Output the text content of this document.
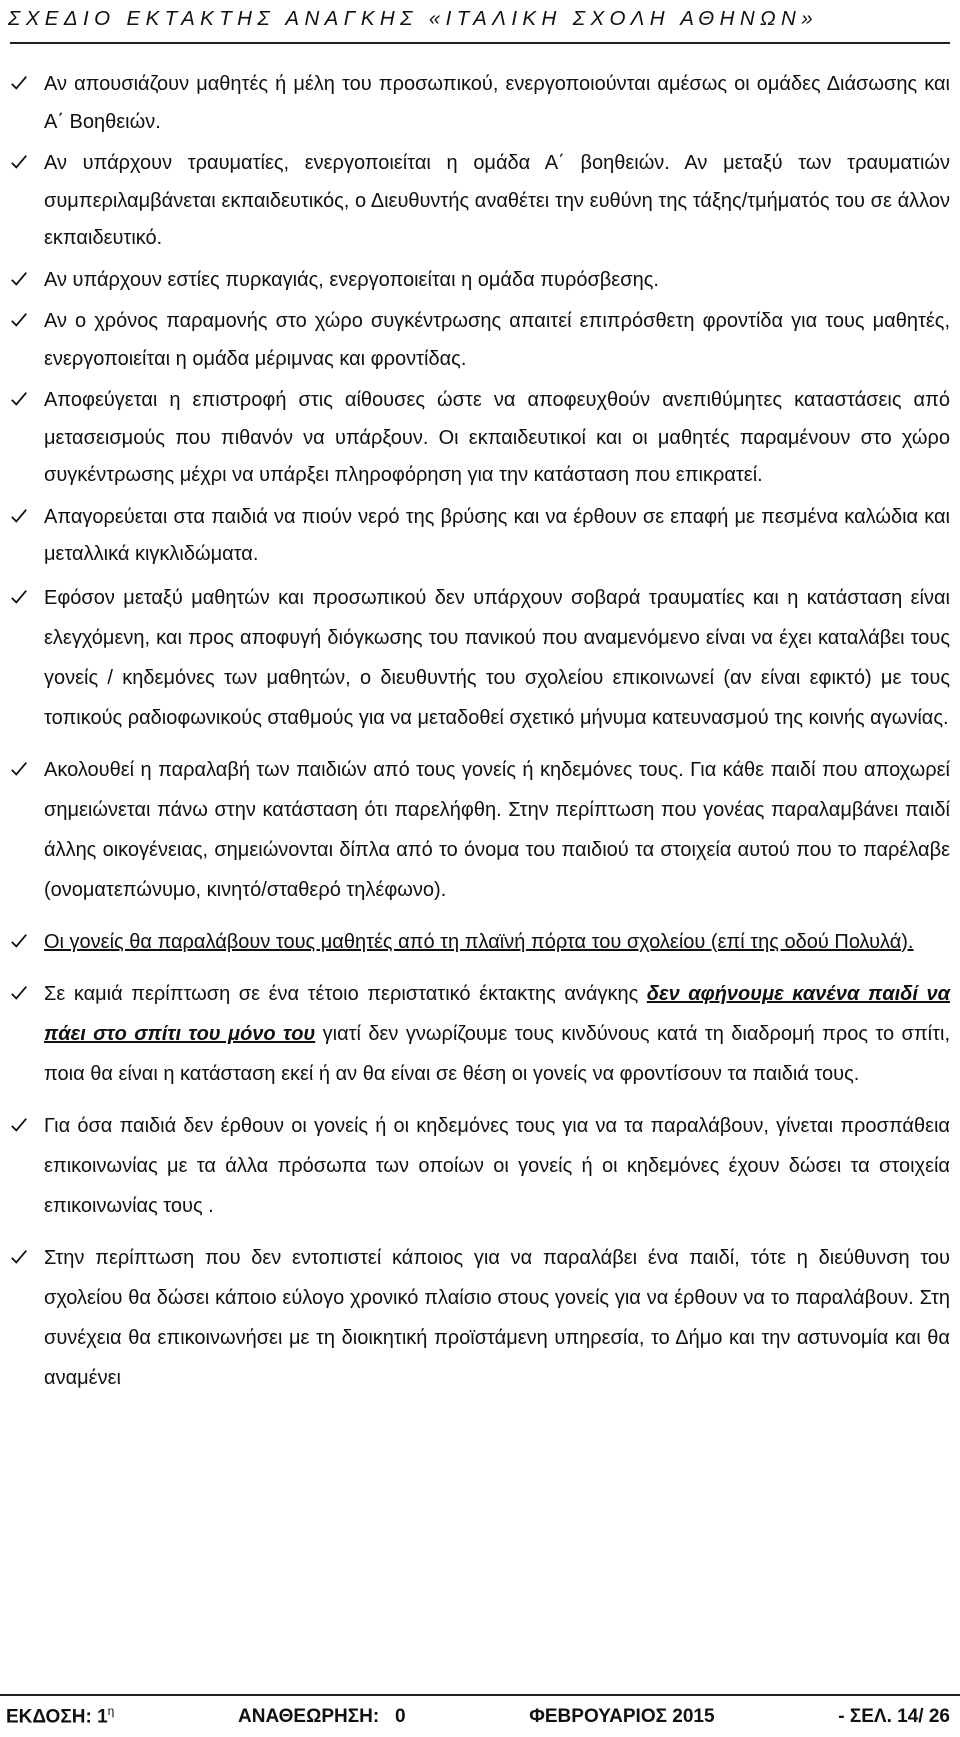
ΣΧΕΔΙΟ ΕΚΤΑΚΤΗΣ ΑΝΑΓΚΗΣ «ΙΤΑΛΙΚΗ ΣΧΟΛΗ ΑΘΗΝΩΝ»
Αν απουσιάζουν μαθητές ή μέλη του προσωπικού, ενεργοποιούνται αμέσως οι ομάδες Διάσωσης και Α΄ Βοηθειών.
Αν υπάρχουν τραυματίες, ενεργοποιείται η ομάδα Α΄ βοηθειών. Αν μεταξύ των τραυματιών συμπεριλαμβάνεται εκπαιδευτικός, ο Διευθυντής αναθέτει την ευθύνη της τάξης/τμήματός του σε άλλον εκπαιδευτικό.
Αν υπάρχουν εστίες πυρκαγιάς, ενεργοποιείται η ομάδα πυρόσβεσης.
Αν ο χρόνος παραμονής στο χώρο συγκέντρωσης απαιτεί επιπρόσθετη φροντίδα για τους μαθητές, ενεργοποιείται η ομάδα μέριμνας και φροντίδας.
Αποφεύγεται η επιστροφή στις αίθουσες ώστε να αποφευχθούν ανεπιθύμητες καταστάσεις από μετασεισμούς που πιθανόν να υπάρξουν. Οι εκπαιδευτικοί και οι μαθητές παραμένουν στο χώρο συγκέντρωσης μέχρι να υπάρξει πληροφόρηση για την κατάσταση που επικρατεί.
Απαγορεύεται στα παιδιά να πιούν νερό της βρύσης και να έρθουν σε επαφή με πεσμένα καλώδια και μεταλλικά κιγκλιδώματα.
Εφόσον μεταξύ μαθητών και προσωπικού δεν υπάρχουν σοβαρά τραυματίες και η κατάσταση είναι ελεγχόμενη, και προς αποφυγή διόγκωσης του πανικού που αναμενόμενο είναι να έχει καταλάβει τους γονείς / κηδεμόνες των μαθητών, ο διευθυντής του σχολείου επικοινωνεί (αν είναι εφικτό) με τους τοπικούς ραδιοφωνικούς σταθμούς για να μεταδοθεί σχετικό μήνυμα κατευνασμού της κοινής αγωνίας.
Ακολουθεί η παραλαβή των παιδιών από τους γονείς ή κηδεμόνες τους. Για κάθε παιδί που αποχωρεί σημειώνεται πάνω στην κατάσταση ότι παρελήφθη. Στην περίπτωση που γονέας παραλαμβάνει παιδί άλλης οικογένειας, σημειώνονται δίπλα από το όνομα του παιδιού τα στοιχεία αυτού που το παρέλαβε (ονοματεπώνυμο, κινητό/σταθερό τηλέφωνο).
Οι γονείς θα παραλάβουν τους μαθητές από τη πλαϊνή πόρτα του σχολείου (επί της οδού Πολυλά).
Σε καμιά περίπτωση σε ένα τέτοιο περιστατικό έκτακτης ανάγκης δεν αφήνουμε κανένα παιδί να πάει στο σπίτι του μόνο του γιατί δεν γνωρίζουμε τους κινδύνους κατά τη διαδρομή προς το σπίτι, ποια θα είναι η κατάσταση εκεί ή αν θα είναι σε θέση οι γονείς να φροντίσουν τα παιδιά τους.
Για όσα παιδιά δεν έρθουν οι γονείς ή οι κηδεμόνες τους για να τα παραλάβουν, γίνεται προσπάθεια επικοινωνίας με τα άλλα πρόσωπα των οποίων οι γονείς ή οι κηδεμόνες έχουν δώσει τα στοιχεία επικοινωνίας τους .
Στην περίπτωση που δεν εντοπιστεί κάποιος για να παραλάβει ένα παιδί, τότε η διεύθυνση του σχολείου θα δώσει κάποιο εύλογο χρονικό πλαίσιο στους γονείς για να έρθουν να το παραλάβουν. Στη συνέχεια θα επικοινωνήσει με τη διοικητική προϊστάμενη υπηρεσία, το Δήμο και την αστυνομία και θα αναμένει
ΕΚΔΟΣΗ: $1^\eta$	ΑΝΑΘΕΩΡΗΣΗ: 0	ΦΕΒΡΟΥΑΡΙΟΣ 2015	- ΣΕΛ. 14/ 26
